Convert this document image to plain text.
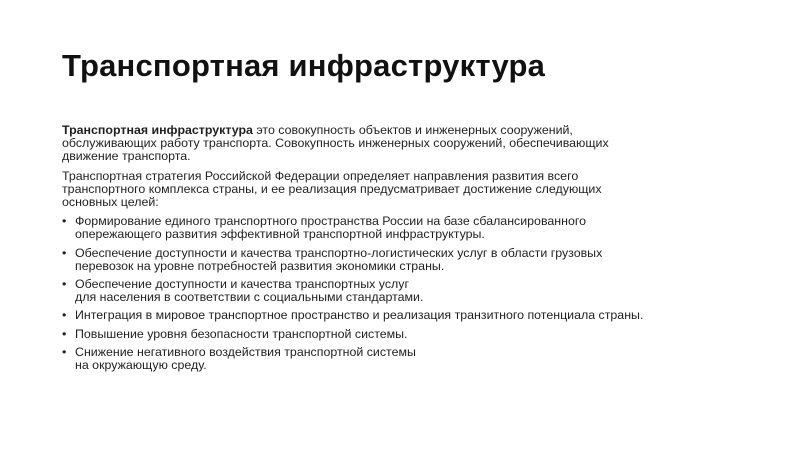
Транспортная инфраструктура

Транспортная инфраструктура это совокупность объектов и инженерных сооружений,
обслуживающих работу транспорта. Совокупность инженерных сооружений, обеспечивающих
движение транспорта.

Транспортная стратегия Российской Федерации определяет направления развития всего
транспортного комплекса страны, и ее реализация предусматривает достижение следующих
основных целей:

• Формирование единого транспортного пространства России на базе сбалансированного
опережающего развития эффективной транспортной инфраструктуры.
• Обеспечение доступности и качества транспортно-логистических услуг в области грузовых
перевозок на уровне потребностей развития экономики страны.
• Обеспечение доступности и качества транспортных услуг
для населения в соответствии с социальными стандартами.
• Интеграция в мировое транспортное пространство и реализация транзитного потенциала страны.
• Повышение уровня безопасности транспортной системы.
• Снижение негативного воздействия транспортной системы
на окружающую среду.
